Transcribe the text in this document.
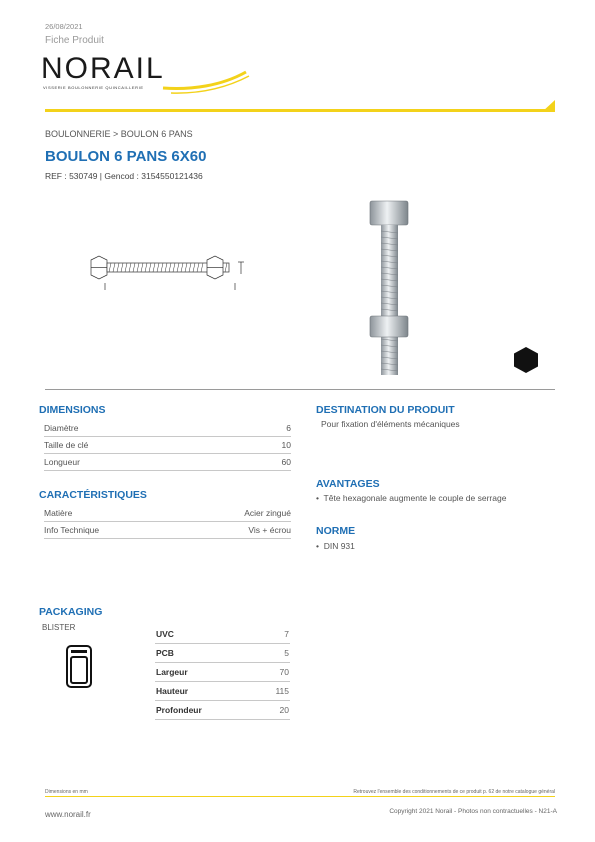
26/08/2021
Fiche Produit
NORAIL
VISSERIE BOULONNERIE QUINCAILLERIE
BOULONNERIE > BOULON 6 PANS
BOULON 6 PANS 6X60
REF : 530749 | Gencod : 3154550121436
DIMENSIONS
Diamètre	6
Taille de clé	10
Longueur	60
CARACTÉRISTIQUES
Matière	Acier zingué
Info Technique	Vis + écrou
DESTINATION DU PRODUIT
Pour fixation d'éléments mécaniques
AVANTAGES
•  Tête hexagonale augmente le couple de serrage
NORME
•  DIN 931
PACKAGING
BLISTER
UVC	7
PCB	5
Largeur	70
Hauteur	115
Profondeur	20
Dimensions en mm	Retrouvez l'ensemble des conditionnements de ce produit p. 62 de notre catalogue général
www.norail.fr	Copyright 2021 Norail - Photos non contractuelles - N21-A
